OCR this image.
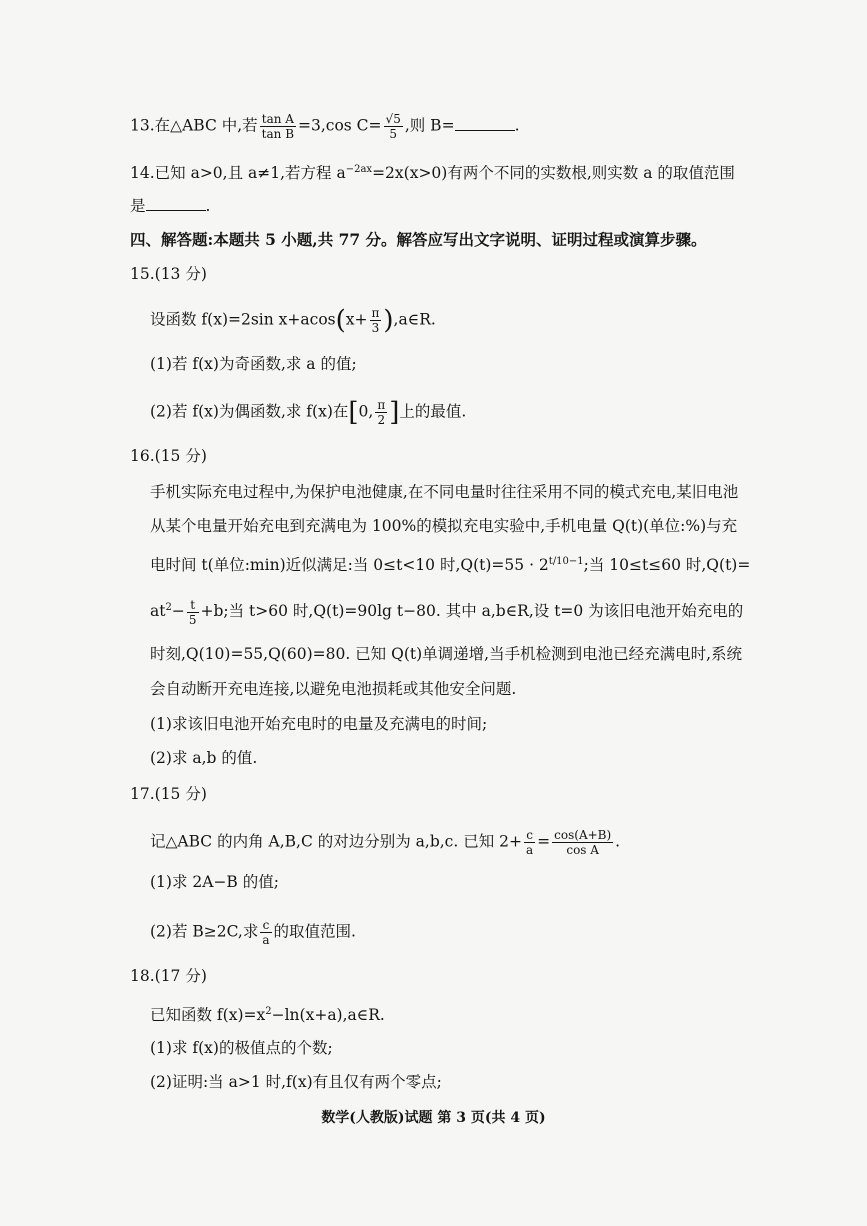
13.在△ABC 中,若 $\frac{\text{tan A}}{\text{tan B}} =3,\cos$ $C= \frac{√5}{5}$ ,则 B=	.
14.已知 a>0,且 a≠1,若方程 $a^{-2ax}=2x(x>0)$有两个不同的实数根,则实数 a 的取值范围
是	.
四、解答题:本题共 5 小题,共 77 分。解答应写出文字说明、证明过程或演算步骤。
15.(13 分)
设函数 f(x)=2sin $x+acos(x+ \frac{\pi}{3}$ ),a∈R.
(1)若 f(x)为奇函数,求 a 的值;
(2)若 f(x)为偶函数,求 f(x)在[0, $\frac{\pi}{2}$ ]上的最值.
16.(15 分)
手机实际充电过程中,为保护电池健康,在不同电量时往往采用不同的模式充电,某旧电池
从某个电量开始充电到充满电为 100%的模拟充电实验中,手机电量 Q(t)(单位:%)与充
电时间 t(单位:min)近似满足:当 0≤t<10 时$,Q(t)=55 \cdot 2^{t/10-1}$;当 10≤t≤60 时,Q(t)=
$at^2- \frac{t}{5} +b$;当 t>60 时,Q(t)=90lg t−80. 其中 a,b∈R,设 t=0 为该旧电池开始充电的
时刻,Q(10)=55,Q(60)=80. 已知 Q(t)单调递增,当手机检测到电池已经充满电时,系统
会自动断开充电连接,以避免电池损耗或其他安全问题.
(1)求该旧电池开始充电时的电量及充满电的时间;
(2)求 a,b 的值.
17.(15 分)
记△ABC 的内角 A,B,C 的对边分别为 a,b,c. 已知 $2+ \frac{c}{a} = \frac{\cos(A+B)}{\text{cos A}}$ .
(1)求 2A−B 的值;
(2)若 B≥2C,求 $\frac{c}{a}$ 的取值范围.
18.(17 分)
已知函数 $f(x)=x^2-\ln(x+a),a\in R$.
(1)求 f(x)的极值点的个数;
(2)证明:当 a>1 时,f(x)有且仅有两个零点;
数学(人教版)试题 第 3 页(共 4 页)
